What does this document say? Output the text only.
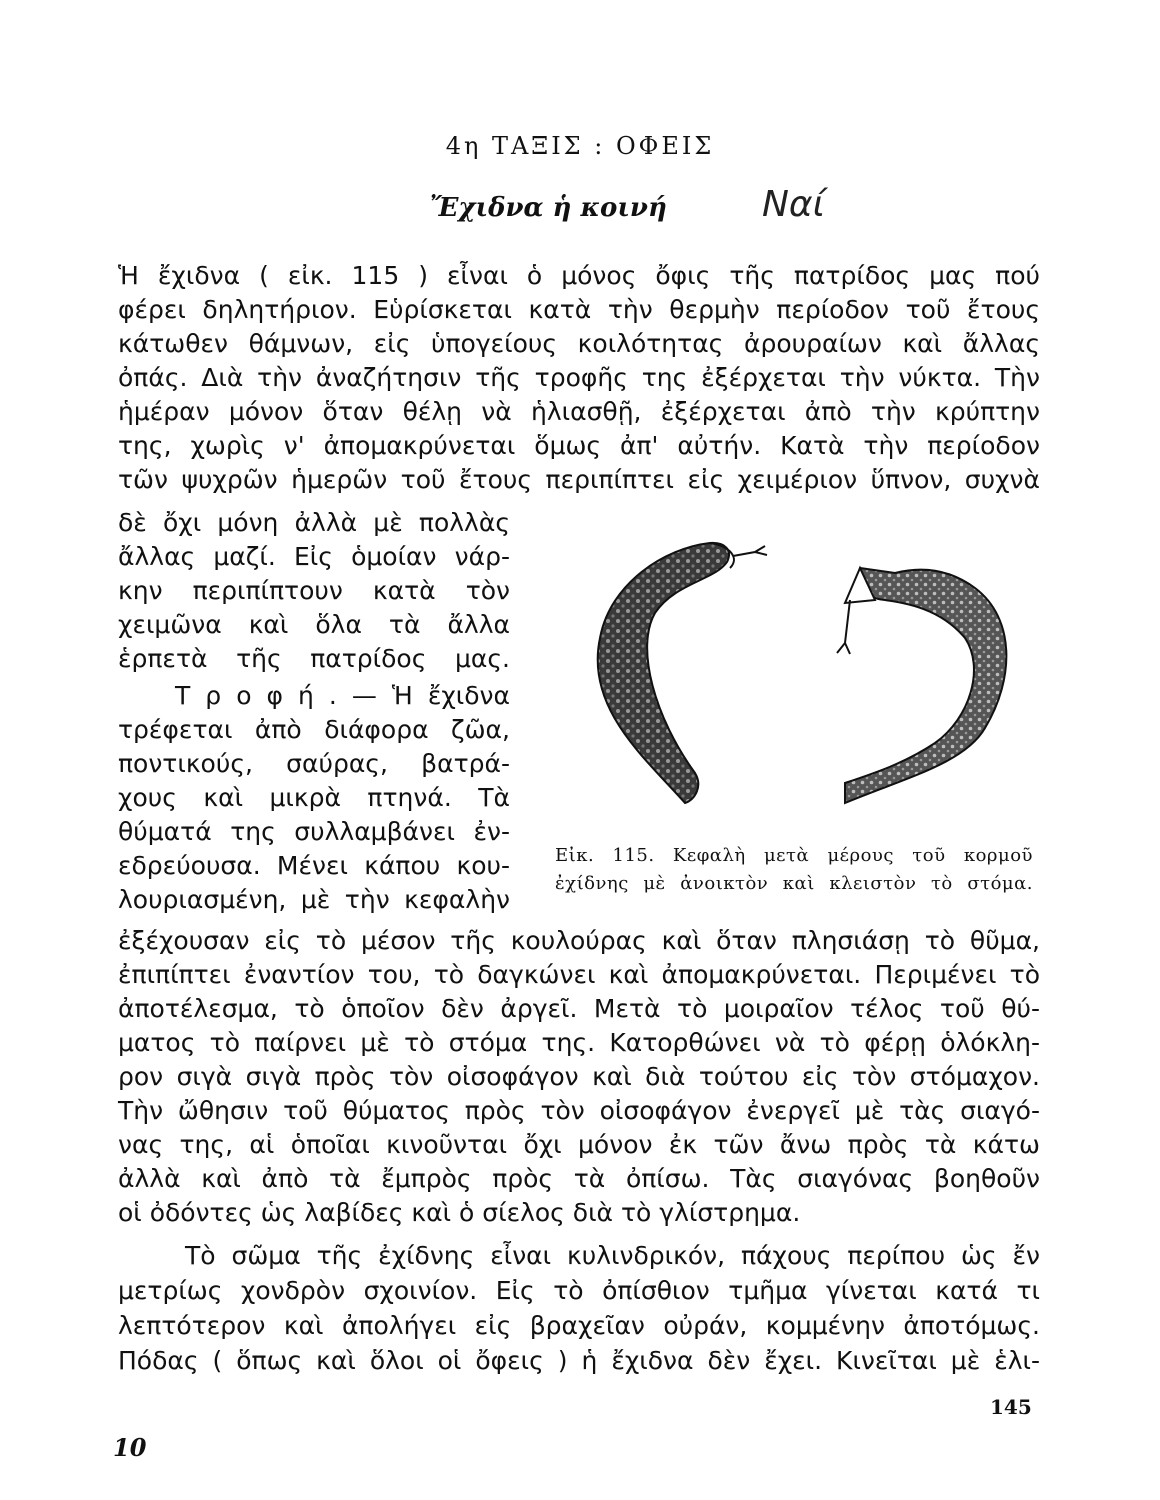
4η ΤΑΞΙΣ : ΟΦΕΙΣ
Ἔχιδνα ἡ κοινή	Ναί
Ἡ ἔχιδνα ( εἰκ. 115 ) εἶναι ὁ μόνος ὄφις τῆς πατρίδος μας πού
φέρει δηλητήριον. Εὑρίσκεται κατὰ τὴν θερμὴν περίοδον τοῦ ἔτους
κάτωθεν θάμνων, εἰς ὑπογείους κοιλότητας ἀρουραίων καὶ ἄλλας
ὀπάς. Διὰ τὴν ἀναζήτησιν τῆς τροφῆς της ἐξέρχεται τὴν νύκτα. Τὴν
ἡμέραν μόνον ὅταν θέλῃ νὰ ἡλιασθῇ, ἐξέρχεται ἀπὸ τὴν κρύπτην
της, χωρὶς ν' ἀπομακρύνεται ὅμως ἀπ' αὐτήν. Κατὰ τὴν περίοδον
τῶν ψυχρῶν ἡμερῶν τοῦ ἔτους περιπίπτει εἰς χειμέριον ὕπνον, συχνὰ
δὲ ὄχι μόνη ἀλλὰ μὲ πολλὰς
ἄλλας μαζί. Εἰς ὁμοίαν νάρ-
κην περιπίπτουν κατὰ τὸν
χειμῶνα καὶ ὅλα τὰ ἄλλα
ἑρπετὰ τῆς πατρίδος μας.
Τ ρ ο φ ή . — Ἡ ἔχιδνα
τρέφεται ἀπὸ διάφορα ζῶα,
ποντικούς, σαύρας, βατρά-
χους καὶ μικρὰ πτηνά. Τὰ
θύματά της συλλαμβάνει ἐν-
εδρεύουσα. Μένει κάπου κου-
λουριασμένη, μὲ τὴν κεφαλὴν
Εἰκ. 115. Κεφαλὴ μετὰ μέρους τοῦ κορμοῦ
ἐχίδνης μὲ ἀνοικτὸν καὶ κλειστὸν τὸ στόμα.
ἐξέχουσαν εἰς τὸ μέσον τῆς κουλούρας καὶ ὅταν πλησιάσῃ τὸ θῦμα,
ἐπιπίπτει ἐναντίον του, τὸ δαγκώνει καὶ ἀπομακρύνεται. Περιμένει τὸ
ἀποτέλεσμα, τὸ ὁποῖον δὲν ἀργεῖ. Μετὰ τὸ μοιραῖον τέλος τοῦ θύ-
ματος τὸ παίρνει μὲ τὸ στόμα της. Κατορθώνει νὰ τὸ φέρῃ ὁλόκλη-
ρον σιγὰ σιγὰ πρὸς τὸν οἰσοφάγον καὶ διὰ τούτου εἰς τὸν στόμαχον.
Τὴν ὤθησιν τοῦ θύματος πρὸς τὸν οἰσοφάγον ἐνεργεῖ μὲ τὰς σιαγό-
νας της, αἱ ὁποῖαι κινοῦνται ὄχι μόνον ἐκ τῶν ἄνω πρὸς τὰ κάτω
ἀλλὰ καὶ ἀπὸ τὰ ἔμπρὸς πρὸς τὰ ὀπίσω. Τὰς σιαγόνας βοηθοῦν
οἱ ὀδόντες ὡς λαβίδες καὶ ὁ σίελος διὰ τὸ γλίστρημα.
Τὸ σῶμα τῆς ἐχίδνης εἶναι κυλινδρικόν, πάχους περίπου ὡς ἔν
μετρίως χονδρὸν σχοινίον. Εἰς τὸ ὀπίσθιον τμῆμα γίνεται κατά τι
λεπτότερον καὶ ἀπολήγει εἰς βραχεῖαν οὐράν, κομμένην ἀποτόμως.
Πόδας ( ὅπως καὶ ὅλοι οἱ ὄφεις ) ἡ ἔχιδνα δὲν ἔχει. Κινεῖται μὲ ἑλι-
145
10
